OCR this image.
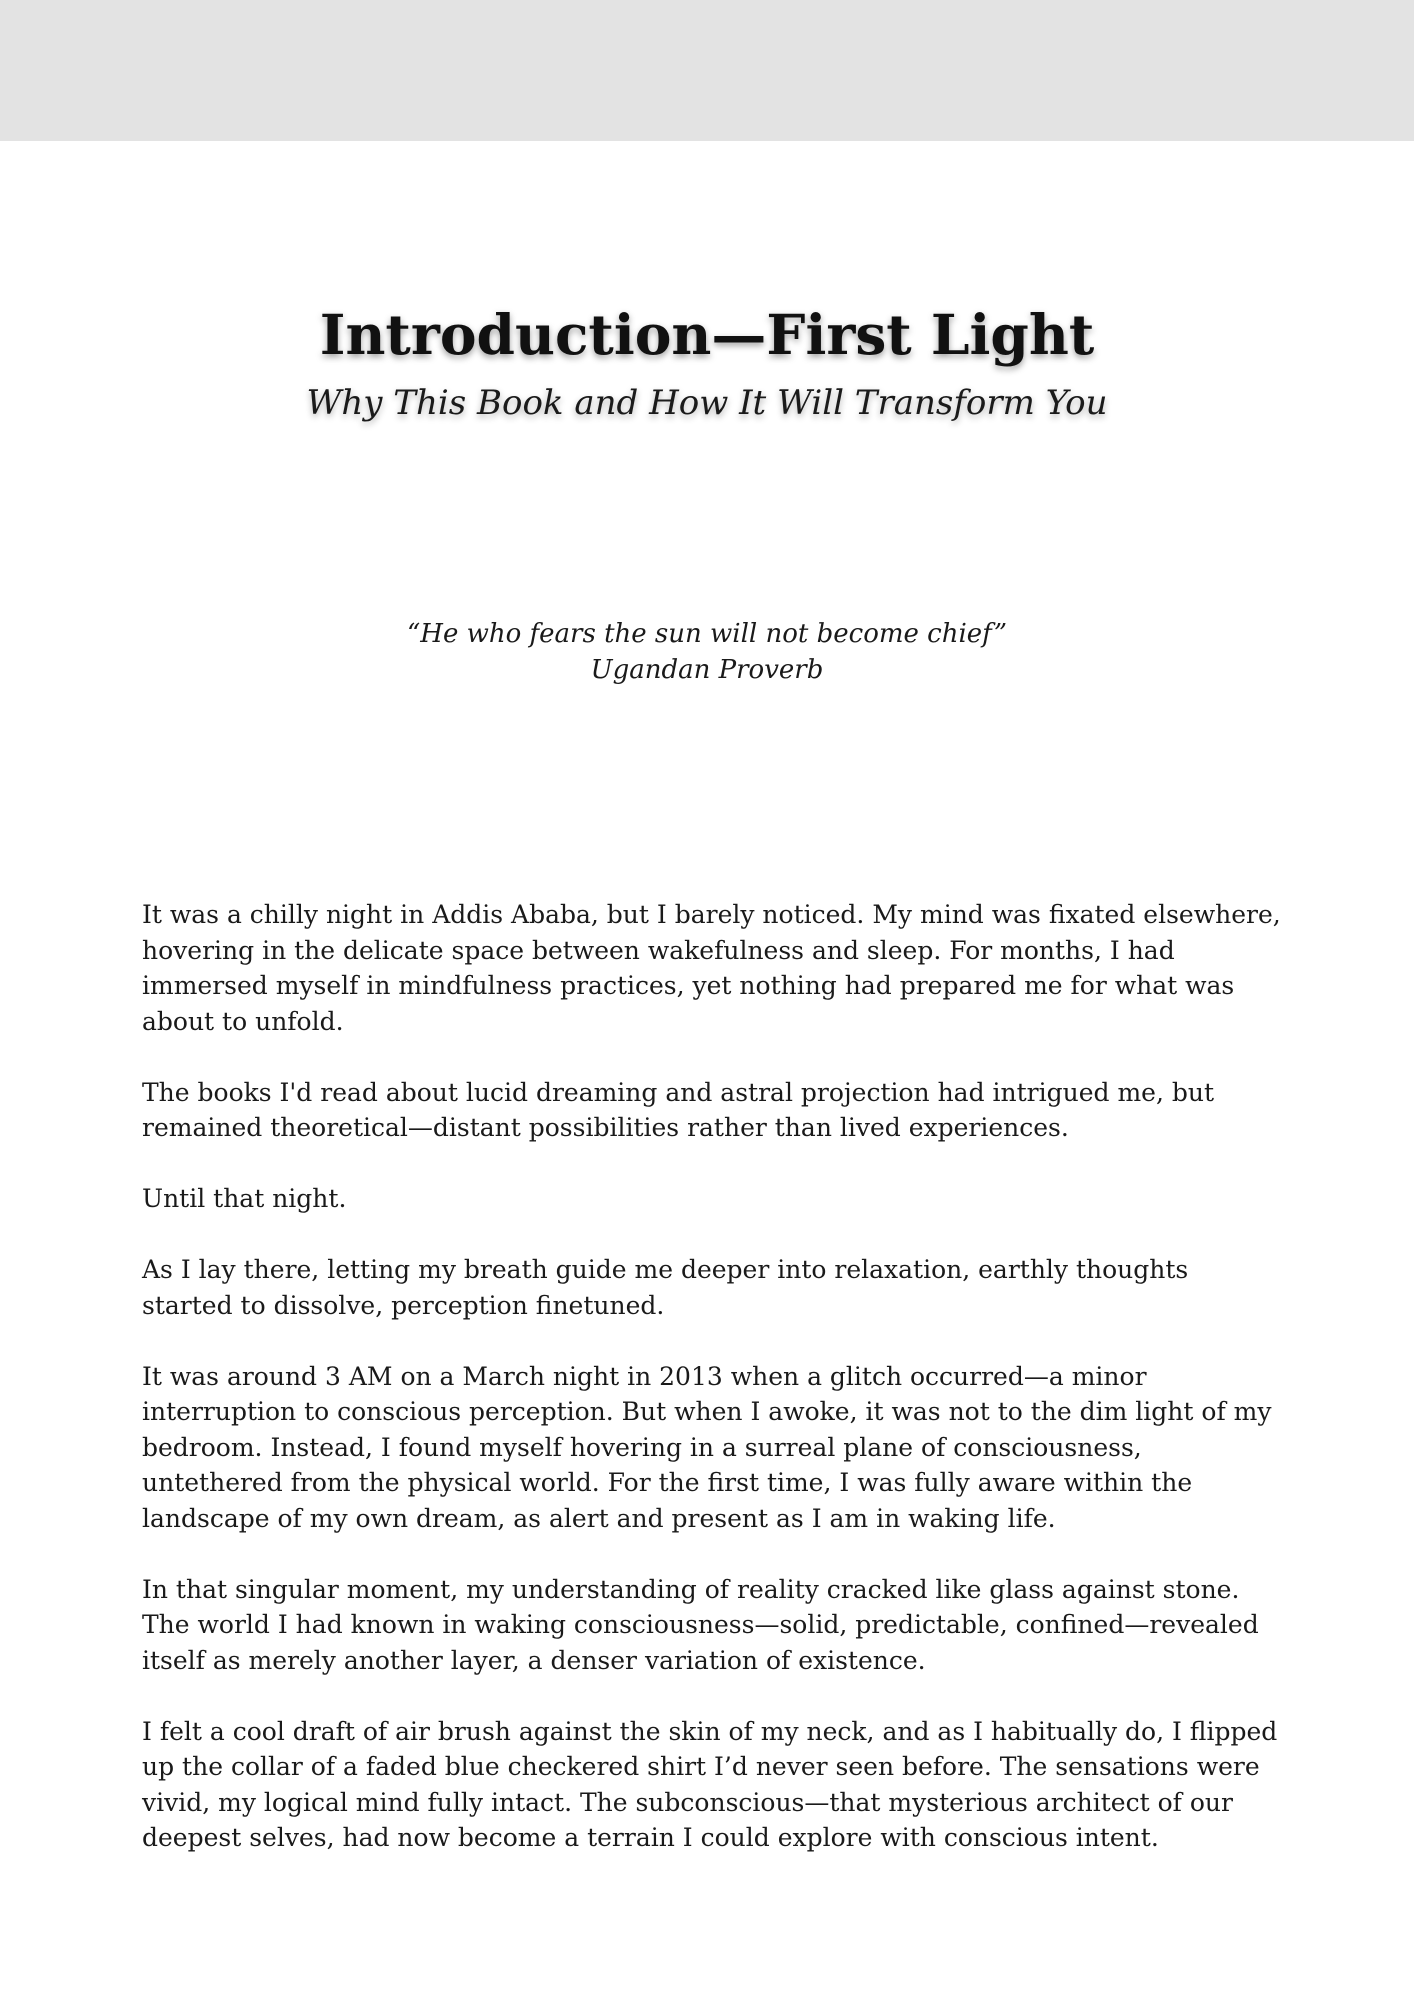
Introduction—First Light
Why This Book and How It Will Transform You
“He who fears the sun will not become chief”
Ugandan Proverb

It was a chilly night in Addis Ababa, but I barely noticed. My mind was fixated elsewhere, hovering in the delicate space between wakefulness and sleep. For months, I had immersed myself in mindfulness practices, yet nothing had prepared me for what was about to unfold.

The books I'd read about lucid dreaming and astral projection had intrigued me, but remained theoretical—distant possibilities rather than lived experiences.

Until that night.

As I lay there, letting my breath guide me deeper into relaxation, earthly thoughts started to dissolve, perception finetuned.

It was around 3 AM on a March night in 2013 when a glitch occurred—a minor interruption to conscious perception. But when I awoke, it was not to the dim light of my bedroom. Instead, I found myself hovering in a surreal plane of consciousness, untethered from the physical world. For the first time, I was fully aware within the landscape of my own dream, as alert and present as I am in waking life.

In that singular moment, my understanding of reality cracked like glass against stone. The world I had known in waking consciousness—solid, predictable, confined—revealed itself as merely another layer, a denser variation of existence.

I felt a cool draft of air brush against the skin of my neck, and as I habitually do, I flipped up the collar of a faded blue checkered shirt I’d never seen before. The sensations were vivid, my logical mind fully intact. The subconscious—that mysterious architect of our deepest selves, had now become a terrain I could explore with conscious intent.
